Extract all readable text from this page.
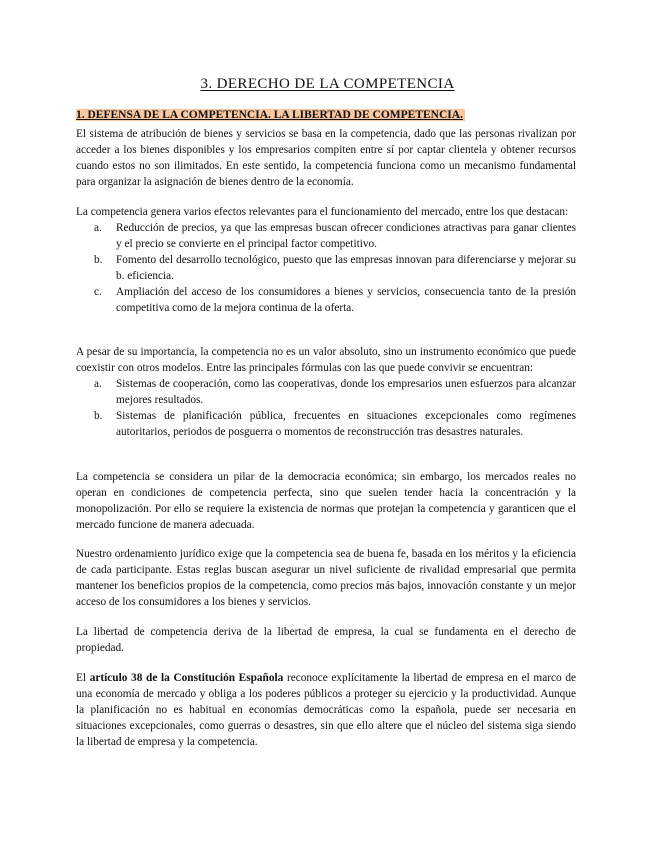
3. DERECHO DE LA COMPETENCIA
1. DEFENSA DE LA COMPETENCIA. LA LIBERTAD DE COMPETENCIA.
El sistema de atribución de bienes y servicios se basa en la competencia, dado que las personas rivalizan por acceder a los bienes disponibles y los empresarios compiten entre sí por captar clientela y obtener recursos cuando estos no son ilimitados. En este sentido, la competencia funciona como un mecanismo fundamental para organizar la asignación de bienes dentro de la economía.
La competencia genera varios efectos relevantes para el funcionamiento del mercado, entre los que destacan:
a. Reducción de precios, ya que las empresas buscan ofrecer condiciones atractivas para ganar clientes y el precio se convierte en el principal factor competitivo.
b. Fomento del desarrollo tecnológico, puesto que las empresas innovan para diferenciarse y mejorar su b. eficiencia.
c. Ampliación del acceso de los consumidores a bienes y servicios, consecuencia tanto de la presión competitiva como de la mejora continua de la oferta.
A pesar de su importancia, la competencia no es un valor absoluto, sino un instrumento económico que puede coexistir con otros modelos. Entre las principales fórmulas con las que puede convivir se encuentran:
a. Sistemas de cooperación, como las cooperativas, donde los empresarios unen esfuerzos para alcanzar mejores resultados.
b. Sistemas de planificación pública, frecuentes en situaciones excepcionales como regímenes autoritarios, periodos de posguerra o momentos de reconstrucción tras desastres naturales.
La competencia se considera un pilar de la democracia económica; sin embargo, los mercados reales no operan en condiciones de competencia perfecta, sino que suelen tender hacia la concentración y la monopolización. Por ello se requiere la existencia de normas que protejan la competencia y garanticen que el mercado funcione de manera adecuada.
Nuestro ordenamiento jurídico exige que la competencia sea de buena fe, basada en los méritos y la eficiencia de cada participante. Estas reglas buscan asegurar un nivel suficiente de rivalidad empresarial que permita mantener los beneficios propios de la competencia, como precios más bajos, innovación constante y un mejor acceso de los consumidores a los bienes y servicios.
La libertad de competencia deriva de la libertad de empresa, la cual se fundamenta en el derecho de propiedad.
El artículo 38 de la Constitución Española reconoce explícitamente la libertad de empresa en el marco de una economía de mercado y obliga a los poderes públicos a proteger su ejercicio y la productividad. Aunque la planificación no es habitual en economías democráticas como la española, puede ser necesaria en situaciones excepcionales, como guerras o desastres, sin que ello altere que el núcleo del sistema siga siendo la libertad de empresa y la competencia.
